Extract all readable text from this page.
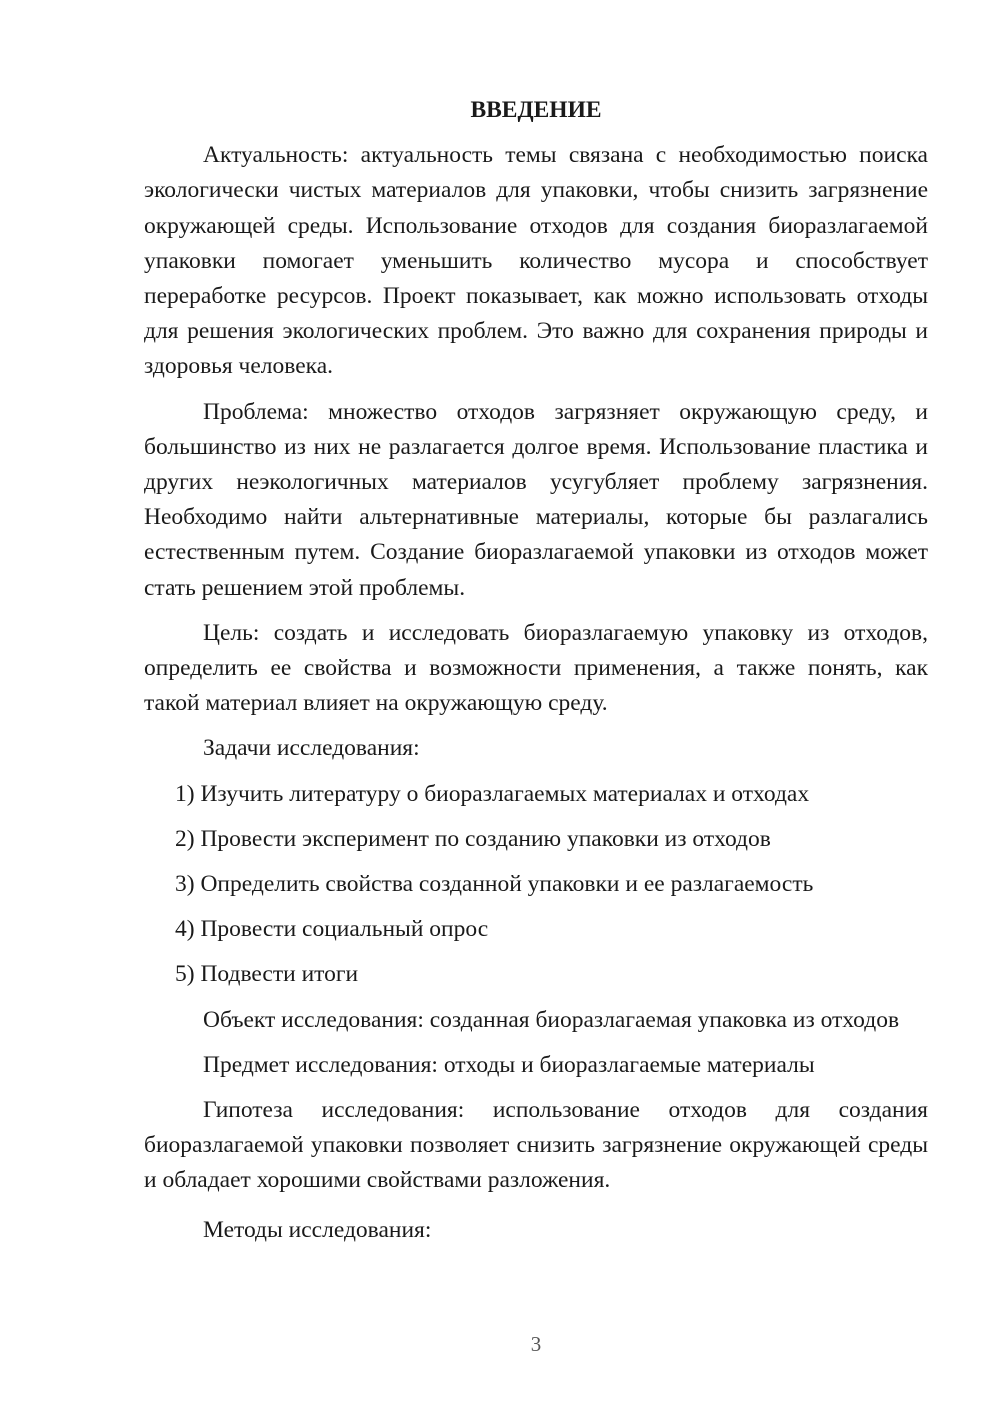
ВВЕДЕНИЕ

Актуальность: актуальность темы связана с необходимостью поиска экологически чистых материалов для упаковки, чтобы снизить загрязнение окружающей среды. Использование отходов для создания биоразлагаемой упаковки помогает уменьшить количество мусора и способствует переработке ресурсов. Проект показывает, как можно использовать отходы для решения экологических проблем. Это важно для сохранения природы и здоровья человека.

Проблема: множество отходов загрязняет окружающую среду, и большинство из них не разлагается долгое время. Использование пластика и других неэкологичных материалов усугубляет проблему загрязнения. Необходимо найти альтернативные материалы, которые бы разлагались естественным путем. Создание биоразлагаемой упаковки из отходов может стать решением этой проблемы.

Цель: создать и исследовать биоразлагаемую упаковку из отходов, определить ее свойства и возможности применения, а также понять, как такой материал влияет на окружающую среду.

Задачи исследования:

1) Изучить литературу о биоразлагаемых материалах и отходах
2) Провести эксперимент по созданию упаковки из отходов
3) Определить свойства созданной упаковки и ее разлагаемость
4) Провести социальный опрос
5) Подвести итоги

Объект исследования: созданная биоразлагаемая упаковка из отходов

Предмет исследования: отходы и биоразлагаемые материалы

Гипотеза исследования: использование отходов для создания биоразлагаемой упаковки позволяет снизить загрязнение окружающей среды и обладает хорошими свойствами разложения.

Методы исследования:

3
